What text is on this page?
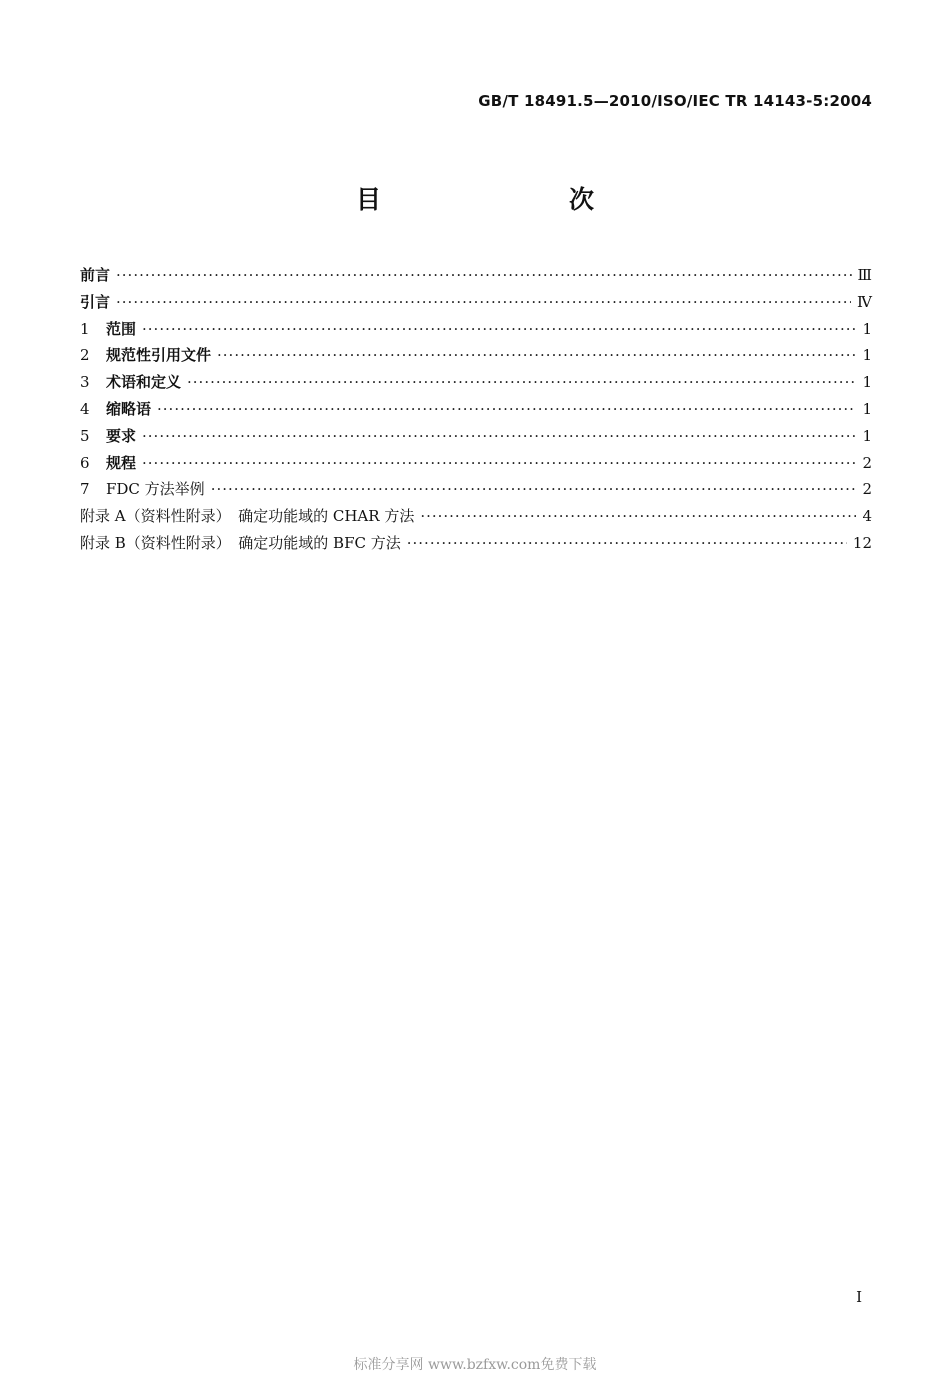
GB/T 18491.5—2010/ISO/IEC TR 14143-5:2004
目　　次
前言 ·····	Ⅲ
引言 ·····	Ⅳ
1	范围 ·····	1
2	规范性引用文件 ·····	1
3	术语和定义 ·····	1
4	缩略语 ·····	1
5	要求 ·····	1
6	规程 ·····	2
7	FDC 方法举例 ·····	2
附录 A（资料性附录）　确定功能域的 CHAR 方法 ·····	4
附录 B（资料性附录）　确定功能域的 BFC 方法 ·····	12
I
标准分享网 www.bzfxw.com免费下载
